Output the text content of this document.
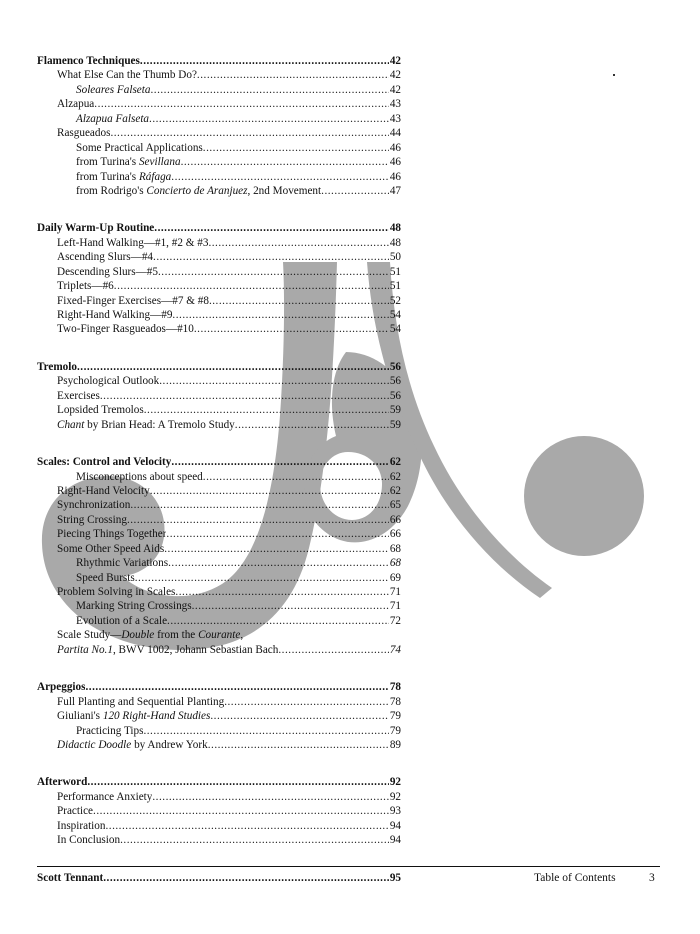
Flamenco Techniques .....	42
What Else Can the Thumb Do? .....	42
Soleares Falseta .....	42
Alzapua .....	43
Alzapua Falseta .....	43
Rasgueados .....	44
Some Practical Applications .....	46
from Turina's Sevillana .....	46
from Turina's Ráfaga .....	46
from Rodrigo's Concierto de Aranjuez, 2nd Movement .....	47
Daily Warm-Up Routine .....	48
Left-Hand Walking—#1, #2 & #3 .....	48
Ascending Slurs—#4 .....	50
Descending Slurs—#5 .....	51
Triplets—#6 .....	51
Fixed-Finger Exercises—#7 & #8 .....	52
Right-Hand Walking—#9 .....	54
Two-Finger Rasgueados—#10 .....	54
Tremolo .....	56
Psychological Outlook .....	56
Exercises .....	56
Lopsided Tremolos .....	59
Chant by Brian Head: A Tremolo Study .....	59
Scales: Control and Velocity .....	62
Misconceptions about speed .....	62
Right-Hand Velocity .....	62
Synchronization .....	65
String Crossing .....	66
Piecing Things Together .....	66
Some Other Speed Aids .....	68
Rhythmic Variations .....	68
Speed Bursts .....	69
Problem Solving in Scales .....	71
Marking String Crossings .....	71
Evolution of a Scale .....	72
Scale Study—Double from the Courante,
Partita No.1, BWV 1002, Johann Sebastian Bach .....	74
Arpeggios .....	78
Full Planting and Sequential Planting .....	78
Giuliani's 120 Right-Hand Studies .....	79
Practicing Tips .....	79
Didactic Doodle by Andrew York .....	89
Afterword .....	92
Performance Anxiety .....	92
Practice .....	93
Inspiration .....	94
In Conclusion .....	94
Scott Tennant .....	95	Table of Contents	3
